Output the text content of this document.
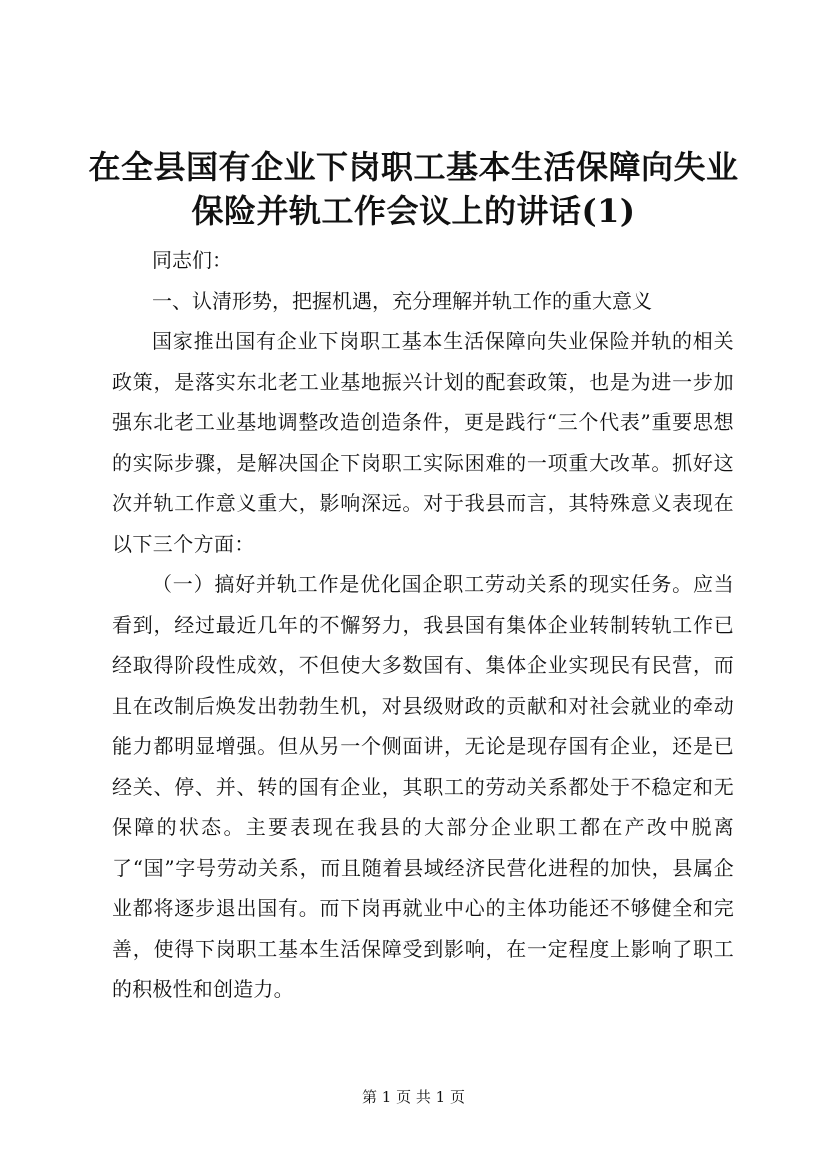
在全县国有企业下岗职工基本生活保障向失业
保险并轨工作会议上的讲话(1)

同志们：

一、认清形势，把握机遇，充分理解并轨工作的重大意义

国家推出国有企业下岗职工基本生活保障向失业保险并轨的相关政策，是落实东北老工业基地振兴计划的配套政策，也是为进一步加强东北老工业基地调整改造创造条件，更是践行“三个代表”重要思想的实际步骤，是解决国企下岗职工实际困难的一项重大改革。抓好这次并轨工作意义重大，影响深远。对于我县而言，其特殊意义表现在以下三个方面：

（一）搞好并轨工作是优化国企职工劳动关系的现实任务。应当看到，经过最近几年的不懈努力，我县国有集体企业转制转轨工作已经取得阶段性成效，不但使大多数国有、集体企业实现民有民营，而且在改制后焕发出勃勃生机，对县级财政的贡献和对社会就业的牵动能力都明显增强。但从另一个侧面讲，无论是现存国有企业，还是已经关、停、并、转的国有企业，其职工的劳动关系都处于不稳定和无保障的状态。主要表现在我县的大部分企业职工都在产改中脱离了“国”字号劳动关系，而且随着县域经济民营化进程的加快，县属企业都将逐步退出国有。而下岗再就业中心的主体功能还不够健全和完善，使得下岗职工基本生活保障受到影响，在一定程度上影响了职工的积极性和创造力。

第 1 页 共 1 页
